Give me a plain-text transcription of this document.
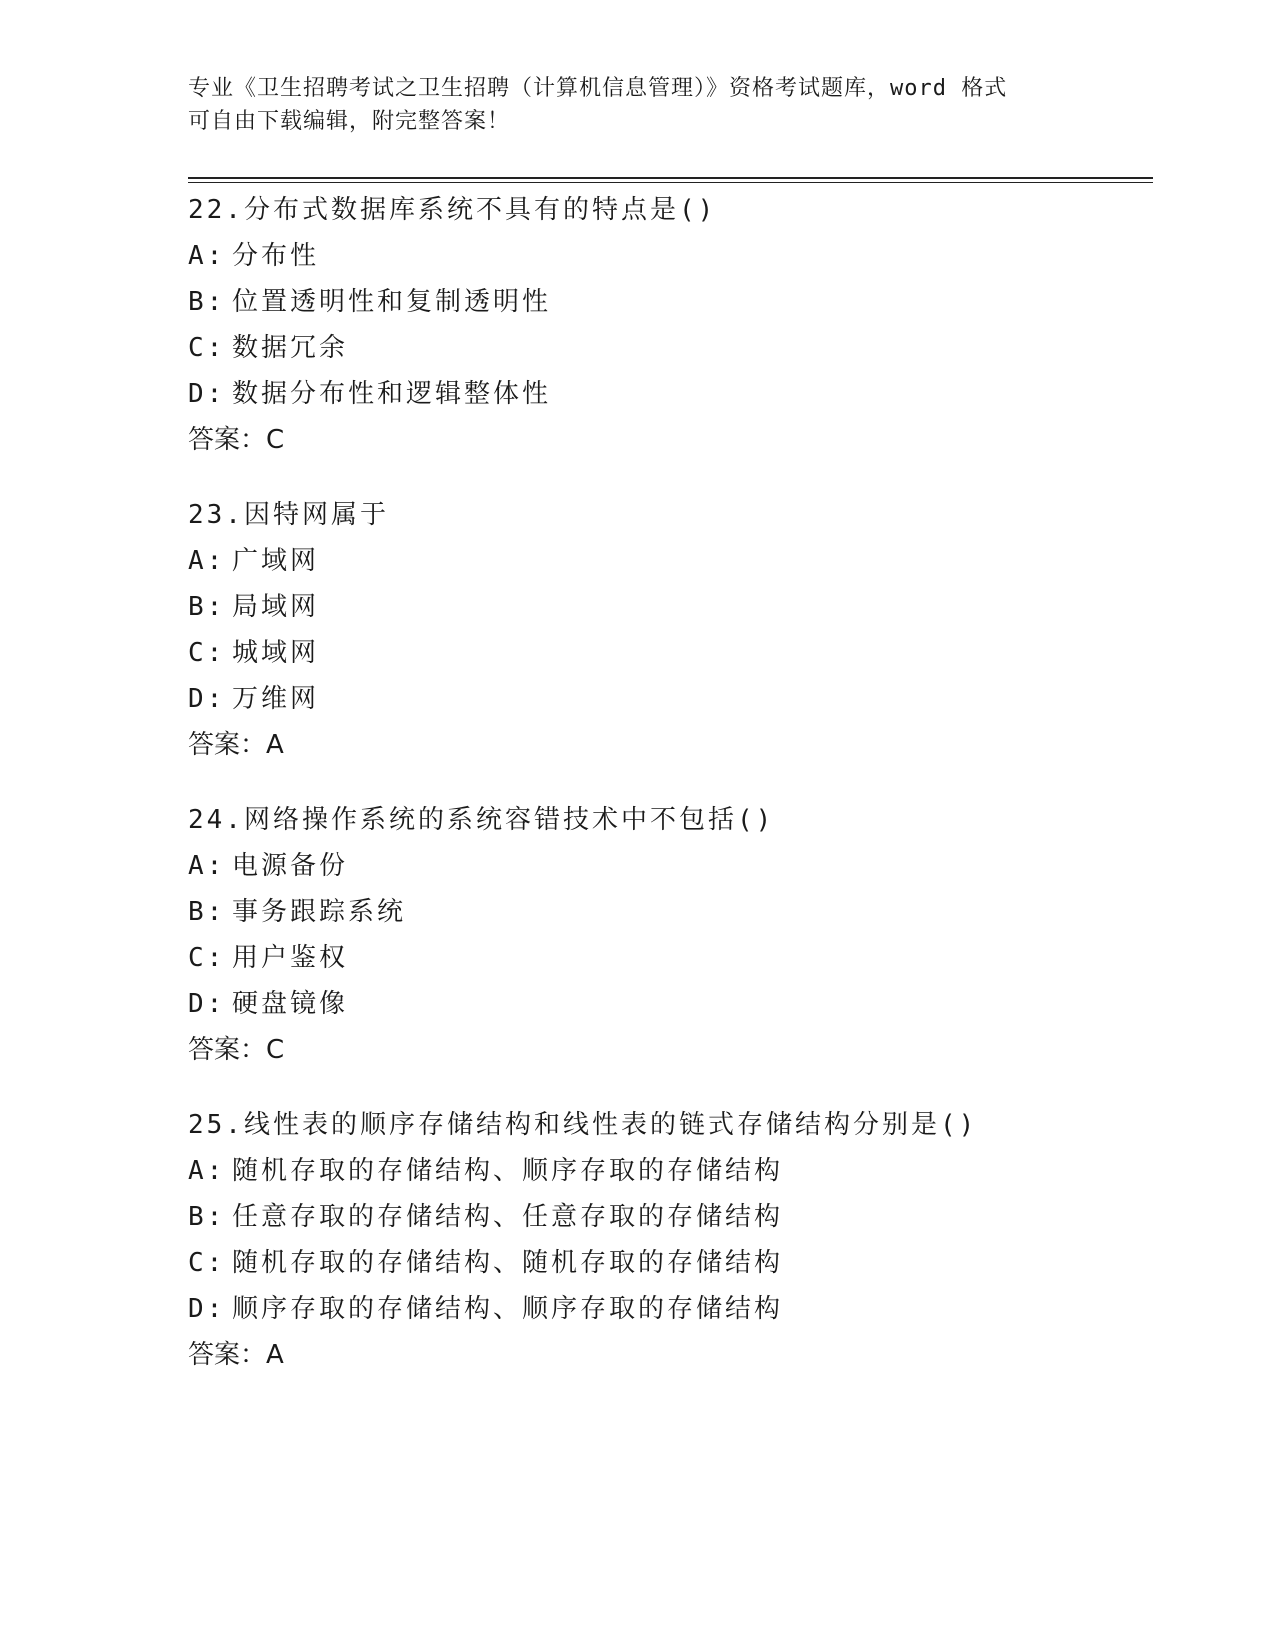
专业《卫生招聘考试之卫生招聘（计算机信息管理）》资格考试题库，word 格式
可自由下载编辑，附完整答案！
22.分布式数据库系统不具有的特点是()
A: 分布性
B: 位置透明性和复制透明性
C: 数据冗余
D: 数据分布性和逻辑整体性
答案：C
23.因特网属于
A: 广域网
B: 局域网
C: 城域网
D: 万维网
答案：A
24.网络操作系统的系统容错技术中不包括()
A: 电源备份
B: 事务跟踪系统
C: 用户鉴权
D: 硬盘镜像
答案：C
25.线性表的顺序存储结构和线性表的链式存储结构分别是()
A: 随机存取的存储结构、顺序存取的存储结构
B: 任意存取的存储结构、任意存取的存储结构
C: 随机存取的存储结构、随机存取的存储结构
D: 顺序存取的存储结构、顺序存取的存储结构
答案：A
